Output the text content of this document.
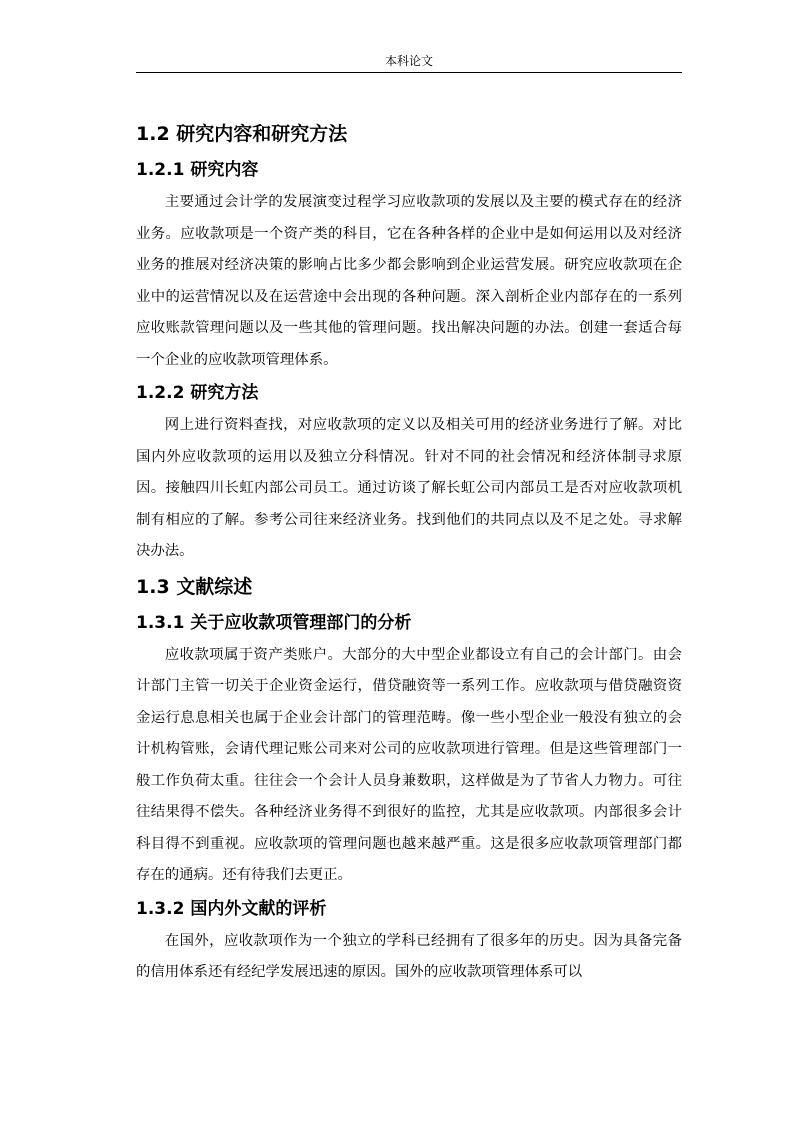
本科论文
1.2 研究内容和研究方法
1.2.1 研究内容

主要通过会计学的发展演变过程学习应收款项的发展以及主要的模式存在的经济业务。应收款项是一个资产类的科目，它在各种各样的企业中是如何运用以及对经济业务的推展对经济决策的影响占比多少都会影响到企业运营发展。研究应收款项在企业中的运营情况以及在运营途中会出现的各种问题。深入剖析企业内部存在的一系列应收账款管理问题以及一些其他的管理问题。找出解决问题的办法。创建一套适合每一个企业的应收款项管理体系。

1.2.2 研究方法

网上进行资料查找，对应收款项的定义以及相关可用的经济业务进行了解。对比国内外应收款项的运用以及独立分科情况。针对不同的社会情况和经济体制寻求原因。接触四川长虹内部公司员工。通过访谈了解长虹公司内部员工是否对应收款项机制有相应的了解。参考公司往来经济业务。找到他们的共同点以及不足之处。寻求解决办法。

1.3 文献综述
1.3.1 关于应收款项管理部门的分析

应收款项属于资产类账户。大部分的大中型企业都设立有自己的会计部门。由会计部门主管一切关于企业资金运行，借贷融资等一系列工作。应收款项与借贷融资资金运行息息相关也属于企业会计部门的管理范畴。像一些小型企业一般没有独立的会计机构管账，会请代理记账公司来对公司的应收款项进行管理。但是这些管理部门一般工作负荷太重。往往会一个会计人员身兼数职，这样做是为了节省人力物力。可往往结果得不偿失。各种经济业务得不到很好的监控，尤其是应收款项。内部很多会计科目得不到重视。应收款项的管理问题也越来越严重。这是很多应收款项管理部门都存在的通病。还有待我们去更正。

1.3.2 国内外文献的评析

在国外，应收款项作为一个独立的学科已经拥有了很多年的历史。因为具备完备的信用体系还有经纪学发展迅速的原因。国外的应收款项管理体系可以
